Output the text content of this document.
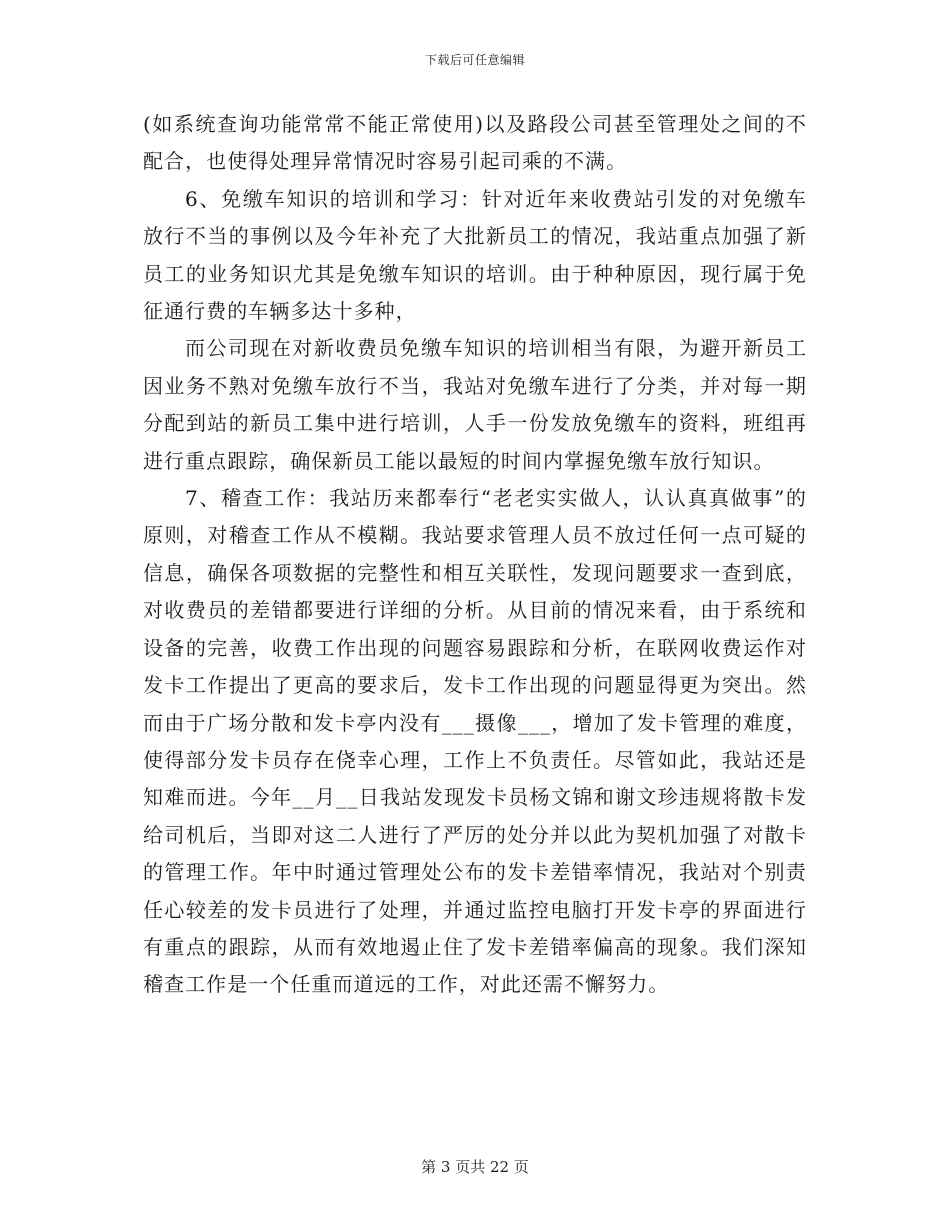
下载后可任意编辑

(如系统查询功能常常不能正常使用)以及路段公司甚至管理处之间的不配合，也使得处理异常情况时容易引起司乘的不满。

6、免缴车知识的培训和学习：针对近年来收费站引发的对免缴车放行不当的事例以及今年补充了大批新员工的情况，我站重点加强了新员工的业务知识尤其是免缴车知识的培训。由于种种原因，现行属于免征通行费的车辆多达十多种，

而公司现在对新收费员免缴车知识的培训相当有限，为避开新员工因业务不熟对免缴车放行不当，我站对免缴车进行了分类，并对每一期分配到站的新员工集中进行培训，人手一份发放免缴车的资料，班组再进行重点跟踪，确保新员工能以最短的时间内掌握免缴车放行知识。

7、稽查工作：我站历来都奉行“老老实实做人，认认真真做事”的原则，对稽查工作从不模糊。我站要求管理人员不放过任何一点可疑的信息，确保各项数据的完整性和相互关联性，发现问题要求一查到底，对收费员的差错都要进行详细的分析。从目前的情况来看，由于系统和设备的完善，收费工作出现的问题容易跟踪和分析，在联网收费运作对发卡工作提出了更高的要求后，发卡工作出现的问题显得更为突出。然而由于广场分散和发卡亭内没有___摄像___，增加了发卡管理的难度，使得部分发卡员存在侥幸心理，工作上不负责任。尽管如此，我站还是知难而进。今年__月__日我站发现发卡员杨文锦和谢文珍违规将散卡发给司机后，当即对这二人进行了严厉的处分并以此为契机加强了对散卡的管理工作。年中时通过管理处公布的发卡差错率情况，我站对个别责任心较差的发卡员进行了处理，并通过监控电脑打开发卡亭的界面进行有重点的跟踪，从而有效地遏止住了发卡差错率偏高的现象。我们深知稽查工作是一个任重而道远的工作，对此还需不懈努力。

第 3 页共 22 页
